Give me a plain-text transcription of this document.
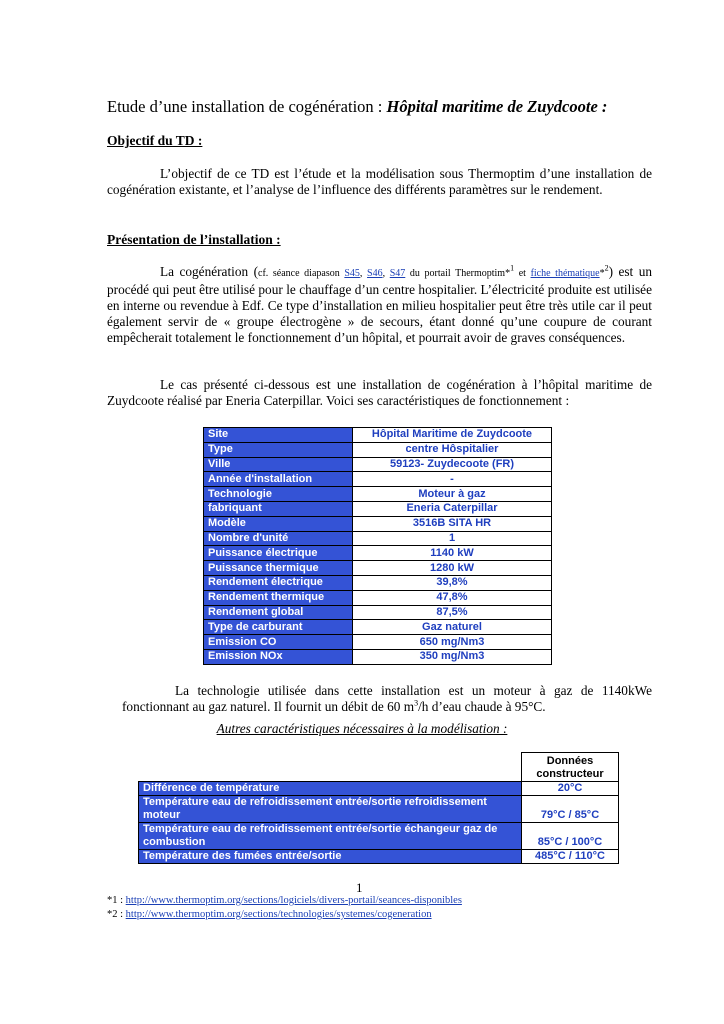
Etude d’une installation de cogénération : Hôpital maritime de Zuydcoote :
Objectif du TD :
L’objectif de ce TD est l’étude et la modélisation sous Thermoptim d’une installation de cogénération existante, et l’analyse de l’influence des différents paramètres sur le rendement.
Présentation de l’installation :
La cogénération (cf. séance diapason S45, S46, S47 du portail Thermoptim*$^1$ et fiche thématique*$^2$) est un procédé qui peut être utilisé pour le chauffage d’un centre hospitalier. L’électricité produite est utilisée en interne ou revendue à Edf. Ce type d’installation en milieu hospitalier peut être très utile car il peut également servir de « groupe électrogène » de secours, étant donné qu’une coupure de courant empêcherait totalement le fonctionnement d’un hôpital, et pourrait avoir de graves conséquences.
Le cas présenté ci-dessous est une installation de cogénération à l’hôpital maritime de Zuydcoote réalisé par Eneria Caterpillar. Voici ses caractéristiques de fonctionnement :
Site	Hôpital Maritime de Zuydcoote
Type	centre Hôspitalier
Ville	59123- Zuydecoote (FR)
Année d'installation	-
Technologie	Moteur à gaz
fabriquant	Eneria Caterpillar
Modèle	3516B SITA HR
Nombre d'unité	1
Puissance électrique	1140 kW
Puissance thermique	1280 kW
Rendement électrique	39,8%
Rendement thermique	47,8%
Rendement global	87,5%
Type de carburant	Gaz naturel
Emission CO	650 mg/Nm3
Emission NOx	350 mg/Nm3
La technologie utilisée dans cette installation est un moteur à gaz de 1140kWe fonctionnant au gaz naturel. Il fournit un débit de 60 $m^3/h$ d’eau chaude à 95°C.
Autres caractéristiques nécessaires à la modélisation :
	Données constructeur
Différence de température	20°C
Température eau de refroidissement entrée/sortie refroidissement moteur	79°C / 85°C
Température eau de refroidissement entrée/sortie échangeur gaz de combustion	85°C / 100°C
Température des fumées entrée/sortie	485°C / 110°C
1
*1 : http://www.thermoptim.org/sections/logiciels/divers-portail/seances-disponibles
*2 : http://www.thermoptim.org/sections/technologies/systemes/cogeneration
